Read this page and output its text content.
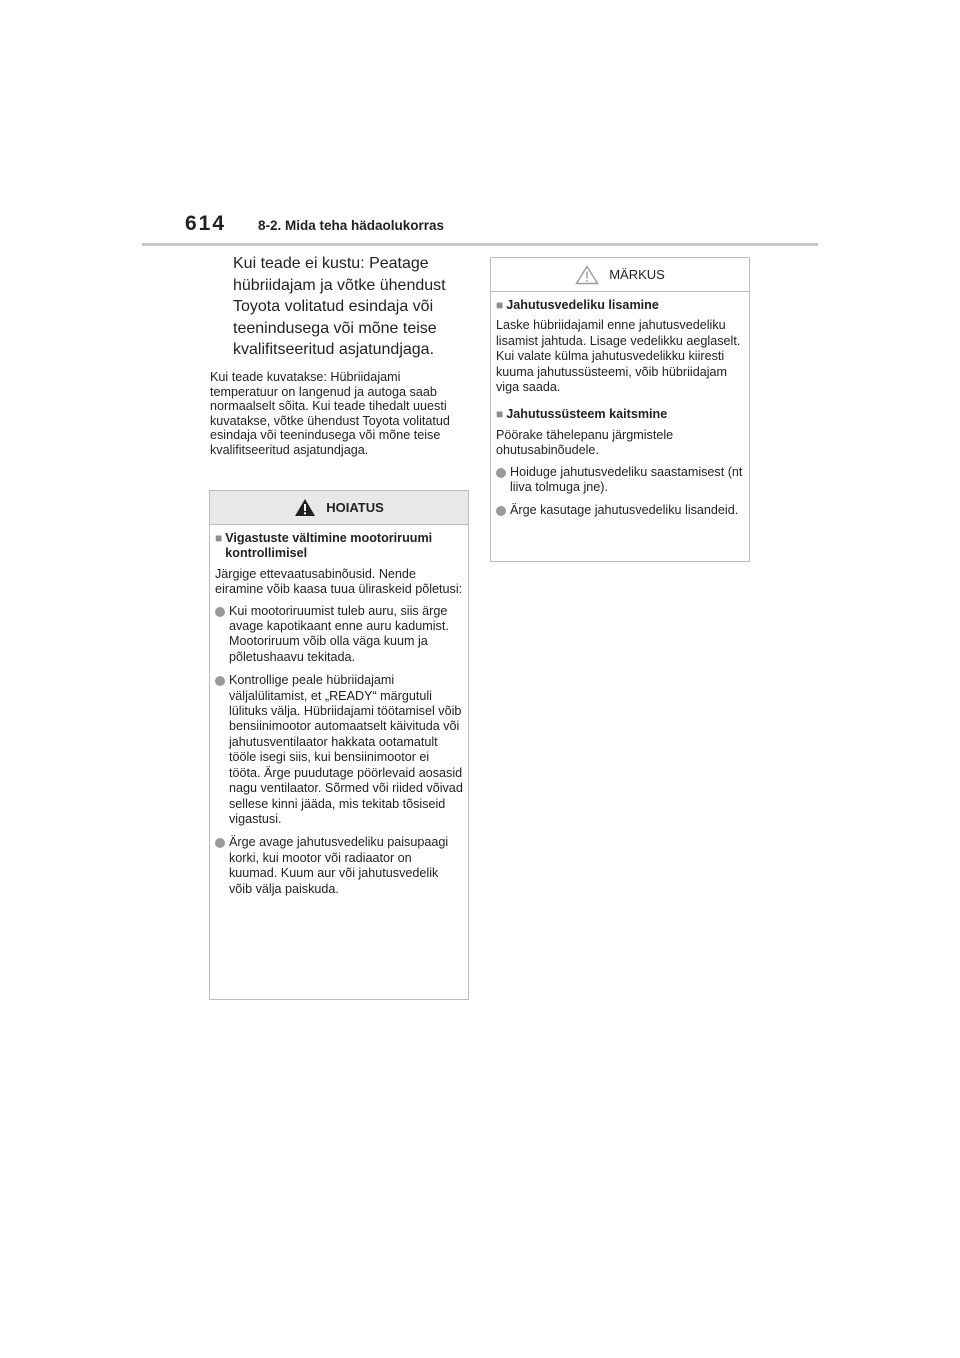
614 8-2. Mida teha hädaolukorras
Kui teade ei kustu: Peatage hübriidajam ja võtke ühendust Toyota volitatud esindaja või teenindusega või mõne teise kvalifitseeritud asjatundjaga.
Kui teade kuvatakse: Hübriidajami temperatuur on langenud ja autoga saab normaalselt sõita. Kui teade tihedalt uuesti kuvatakse, võtke ühendust Toyota volitatud esindaja või teenindusega või mõne teise kvalifitseeritud asjatundjaga.
HOIATUS
■ Vigastuste vältimine mootoriruumi kontrollimisel

Järgige ettevaatusabinõusid. Nende eiramine võib kaasa tuua üliraskeid põletusi:

Kui mootoriruumist tuleb auru, siis ärge avage kapotikaant enne auru kadumist. Mootoriruum võib olla väga kuum ja põletushaavu tekitada.
Kontrollige peale hübriidajami väljalülitamist, et „READY“ märgutuli lülituks välja. Hübriidajami töötamisel võib bensiinimootor automaatselt käivituda või jahutusventilaator hakkata ootamatult tööle isegi siis, kui bensiinimootor ei tööta. Ärge puudutage pöörlevaid aosasid nagu ventilaator. Sõrmed või riided võivad sellese kinni jääda, mis tekitab tõsiseid vigastusi.
Ärge avage jahutusvedeliku paisupaagi korki, kui mootor või radiaator on kuumad. Kuum aur või jahutusvedelik võib välja paiskuda.
MÄRKUS
■ Jahutusvedeliku lisamine

Laske hübriidajamil enne jahutusvedeliku lisamist jahtuda. Lisage vedelikku aeglaselt. Kui valate külma jahutusvedelikku kiiresti kuuma jahutussüsteemi, võib hübriidajam viga saada.

■ Jahutussüsteem kaitsmine

Pöörake tähelepanu järgmistele ohutusabinõudele.

Hoiduge jahutusvedeliku saastamisest (nt liiva tolmuga jne).
Ärge kasutage jahutusvedeliku lisandeid.
